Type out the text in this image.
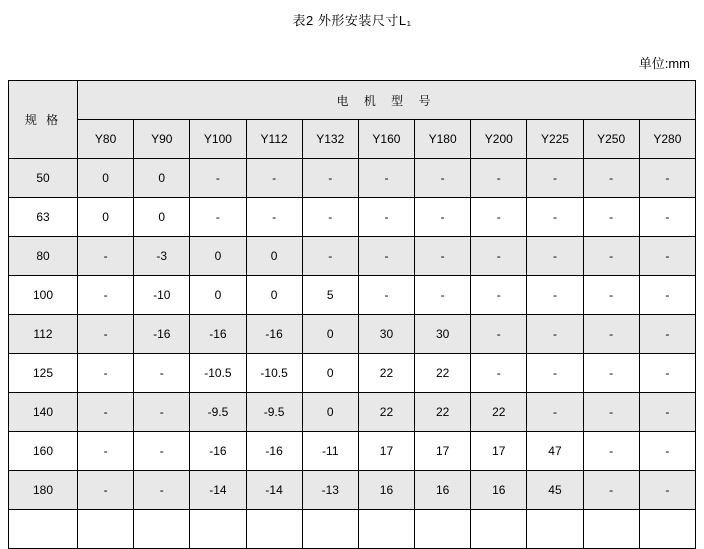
表2 外形安装尺寸L₁
单位:mm
规 格	电 机 型 号										
	Y80	Y90	Y100	Y112	Y132	Y160	Y180	Y200	Y225	Y250	Y280
50	0	0	-	-	-	-	-	-	-	-	-
63	0	0	-	-	-	-	-	-	-	-	-
80	-	-3	0	0	-	-	-	-	-	-	-
100	-	-10	0	0	5	-	-	-	-	-	-
112	-	-16	-16	-16	0	30	30	-	-	-	-
125	-	-	-10.5	-10.5	0	22	22	-	-	-	-
140	-	-	-9.5	-9.5	0	22	22	22	-	-	-
160	-	-	-16	-16	-11	17	17	17	47	-	-
180	-	-	-14	-14	-13	16	16	16	45	-	-
